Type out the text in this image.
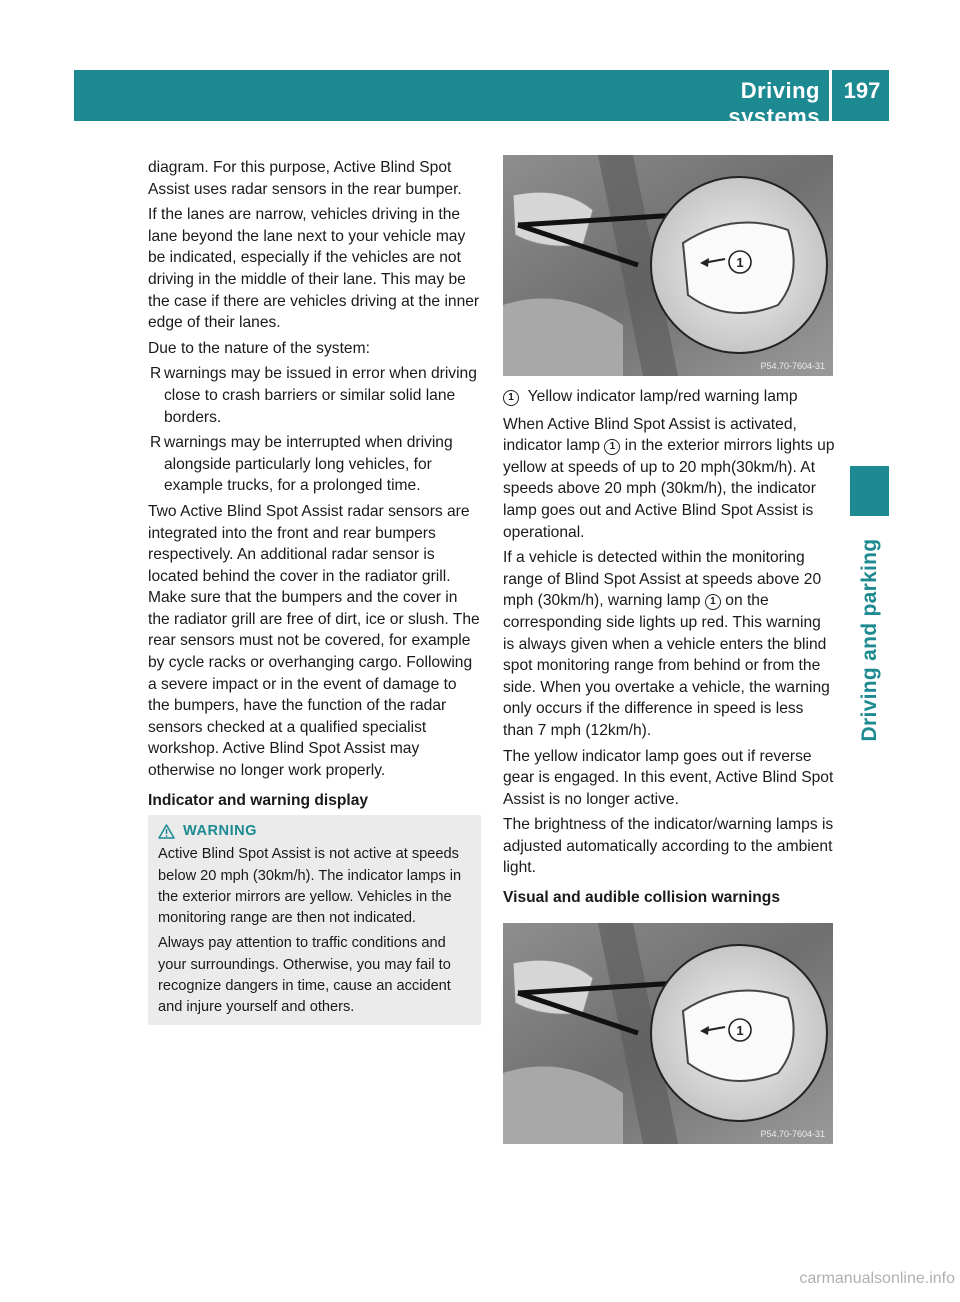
Driving systems
197
Driving and parking

diagram. For this purpose, Active Blind Spot Assist uses radar sensors in the rear bumper.

If the lanes are narrow, vehicles driving in the lane beyond the lane next to your vehicle may be indicated, especially if the vehicles are not driving in the middle of their lane. This may be the case if there are vehicles driving at the inner edge of their lanes.

Due to the nature of the system:

R warnings may be issued in error when driving close to crash barriers or similar solid lane borders.
R warnings may be interrupted when driving alongside particularly long vehicles, for example trucks, for a prolonged time.

Two Active Blind Spot Assist radar sensors are integrated into the front and rear bumpers respectively. An additional radar sensor is located behind the cover in the radiator grill. Make sure that the bumpers and the cover in the radiator grill are free of dirt, ice or slush. The rear sensors must not be covered, for example by cycle racks or overhanging cargo. Following a severe impact or in the event of damage to the bumpers, have the function of the radar sensors checked at a qualified specialist workshop. Active Blind Spot Assist may otherwise no longer work properly.

Indicator and warning display

WARNING

Active Blind Spot Assist is not active at speeds below 20 mph (30km/h). The indicator lamps in the exterior mirrors are yellow. Vehicles in the monitoring range are then not indicated.

Always pay attention to traffic conditions and your surroundings. Otherwise, you may fail to recognize dangers in time, cause an accident and injure yourself and others.

1
P54.70-7604-31

1 Yellow indicator lamp/red warning lamp

When Active Blind Spot Assist is activated, indicator lamp 1 in the exterior mirrors lights up yellow at speeds of up to 20 mph(30km/h). At speeds above 20 mph (30km/h), the indicator lamp goes out and Active Blind Spot Assist is operational.

If a vehicle is detected within the monitoring range of Blind Spot Assist at speeds above 20 mph (30km/h), warning lamp 1 on the corresponding side lights up red. This warning is always given when a vehicle enters the blind spot monitoring range from behind or from the side. When you overtake a vehicle, the warning only occurs if the difference in speed is less than 7 mph (12km/h).

The yellow indicator lamp goes out if reverse gear is engaged. In this event, Active Blind Spot Assist is no longer active.

The brightness of the indicator/warning lamps is adjusted automatically according to the ambient light.

Visual and audible collision warnings

1
P54.70-7604-31
carmanualsonline.info
